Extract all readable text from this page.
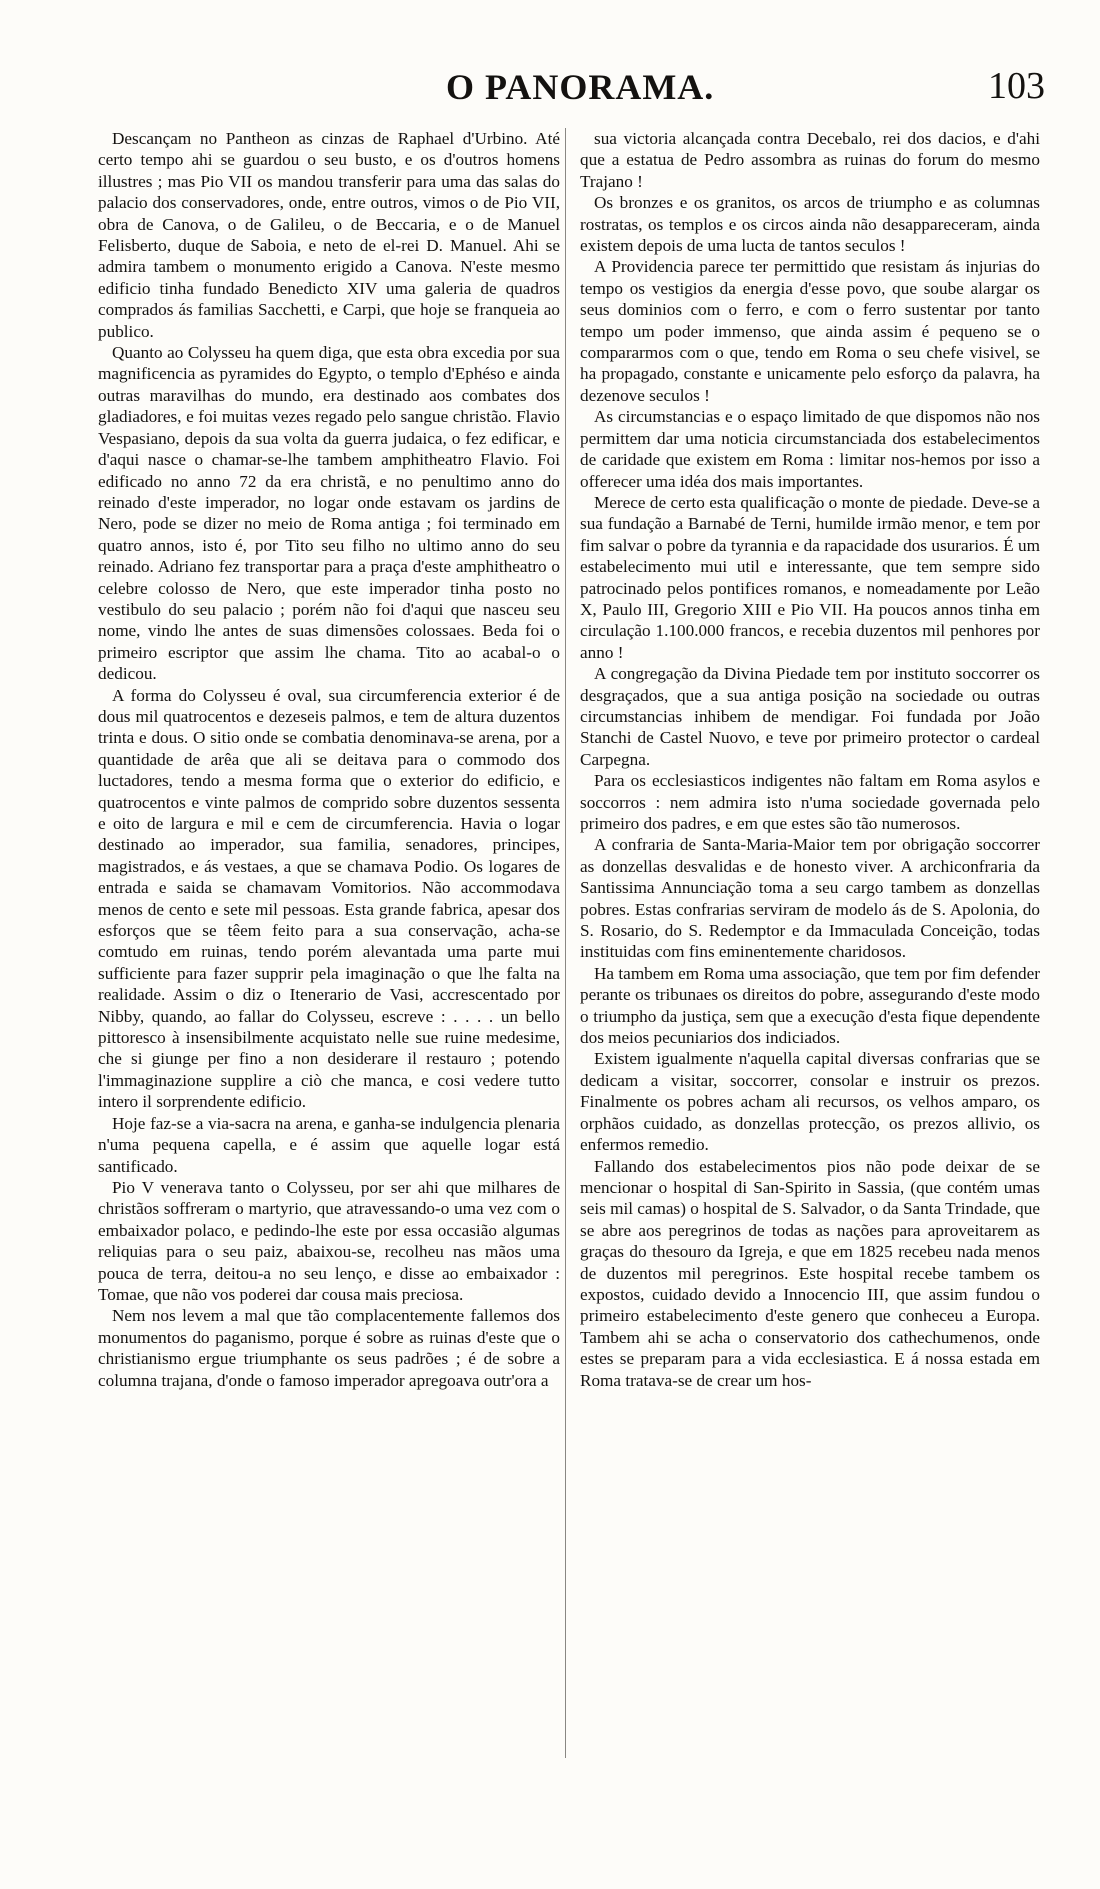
O PANORAMA.	103

Descançam no Pantheon as cinzas de Raphael d'Urbino. Até certo tempo ahi se guardou o seu busto, e os d'outros homens illustres ; mas Pio VII os mandou transferir para uma das salas do palacio dos conservadores, onde, entre outros, vimos o de Pio VII, obra de Canova, o de Galileu, o de Beccaria, e o de Manuel Felisberto, duque de Saboia, e neto de el-rei D. Manuel. Ahi se admira tambem o monumento erigido a Canova. N'este mesmo edificio tinha fundado Benedicto XIV uma galeria de quadros comprados ás familias Sacchetti, e Carpi, que hoje se franqueia ao publico.

Quanto ao Colysseu ha quem diga, que esta obra excedia por sua magnificencia as pyramides do Egypto, o templo d'Ephéso e ainda outras maravilhas do mundo, era destinado aos combates dos gladiadores, e foi muitas vezes regado pelo sangue christão. Flavio Vespasiano, depois da sua volta da guerra judaica, o fez edificar, e d'aqui nasce o chamar-se-lhe tambem amphitheatro Flavio. Foi edificado no anno 72 da era christã, e no penultimo anno do reinado d'este imperador, no logar onde estavam os jardins de Nero, pode se dizer no meio de Roma antiga ; foi terminado em quatro annos, isto é, por Tito seu filho no ultimo anno do seu reinado. Adriano fez transportar para a praça d'este amphitheatro o celebre colosso de Nero, que este imperador tinha posto no vestibulo do seu palacio ; porém não foi d'aqui que nasceu seu nome, vindo lhe antes de suas dimensões colossaes. Beda foi o primeiro escriptor que assim lhe chama. Tito ao acabal-o o dedicou.

A forma do Colysseu é oval, sua circumferencia exterior é de dous mil quatrocentos e dezeseis palmos, e tem de altura duzentos trinta e dous. O sitio onde se combatia denominava-se arena, por a quantidade de arêa que ali se deitava para o commodo dos luctadores, tendo a mesma forma que o exterior do edificio, e quatrocentos e vinte palmos de comprido sobre duzentos sessenta e oito de largura e mil e cem de circumferencia. Havia o logar destinado ao imperador, sua familia, senadores, principes, magistrados, e ás vestaes, a que se chamava Podio. Os logares de entrada e saida se chamavam Vomitorios. Não accommodava menos de cento e sete mil pessoas. Esta grande fabrica, apesar dos esforços que se têem feito para a sua conservação, acha-se comtudo em ruinas, tendo porém alevantada uma parte mui sufficiente para fazer supprir pela imaginação o que lhe falta na realidade. Assim o diz o Itenerario de Vasi, accrescentado por Nibby, quando, ao fallar do Colysseu, escreve : . . . . un bello pittoresco à insensibilmente acquistato nelle sue ruine medesime, che si giunge per fino a non desiderare il restauro ; potendo l'immaginazione supplire a ciò che manca, e cosi vedere tutto intero il sorprendente edificio.

Hoje faz-se a via-sacra na arena, e ganha-se indulgencia plenaria n'uma pequena capella, e é assim que aquelle logar está santificado.

Pio V venerava tanto o Colysseu, por ser ahi que milhares de christãos soffreram o martyrio, que atravessando-o uma vez com o embaixador polaco, e pedindo-lhe este por essa occasião algumas reliquias para o seu paiz, abaixou-se, recolheu nas mãos uma pouca de terra, deitou-a no seu lenço, e disse ao embaixador : Tomae, que não vos poderei dar cousa mais preciosa.

Nem nos levem a mal que tão complacentemente fallemos dos monumentos do paganismo, porque é sobre as ruinas d'este que o christianismo ergue triumphante os seus padrões ; é de sobre a columna trajana, d'onde o famoso imperador apregoava outr'ora a

sua victoria alcançada contra Decebalo, rei dos dacios, e d'ahi que a estatua de Pedro assombra as ruinas do forum do mesmo Trajano !

Os bronzes e os granitos, os arcos de triumpho e as columnas rostratas, os templos e os circos ainda não desappareceram, ainda existem depois de uma lucta de tantos seculos !

A Providencia parece ter permittido que resistam ás injurias do tempo os vestigios da energia d'esse povo, que soube alargar os seus dominios com o ferro, e com o ferro sustentar por tanto tempo um poder immenso, que ainda assim é pequeno se o compararmos com o que, tendo em Roma o seu chefe visivel, se ha propagado, constante e unicamente pelo esforço da palavra, ha dezenove seculos !

As circumstancias e o espaço limitado de que dispomos não nos permittem dar uma noticia circumstanciada dos estabelecimentos de caridade que existem em Roma : limitar nos-hemos por isso a offerecer uma idéa dos mais importantes.

Merece de certo esta qualificação o monte de piedade. Deve-se a sua fundação a Barnabé de Terni, humilde irmão menor, e tem por fim salvar o pobre da tyrannia e da rapacidade dos usurarios. É um estabelecimento mui util e interessante, que tem sempre sido patrocinado pelos pontifices romanos, e nomeadamente por Leão X, Paulo III, Gregorio XIII e Pio VII. Ha poucos annos tinha em circulação 1.100.000 francos, e recebia duzentos mil penhores por anno !

A congregação da Divina Piedade tem por instituto soccorrer os desgraçados, que a sua antiga posição na sociedade ou outras circumstancias inhibem de mendigar. Foi fundada por João Stanchi de Castel Nuovo, e teve por primeiro protector o cardeal Carpegna.

Para os ecclesiasticos indigentes não faltam em Roma asylos e soccorros : nem admira isto n'uma sociedade governada pelo primeiro dos padres, e em que estes são tão numerosos.

A confraria de Santa-Maria-Maior tem por obrigação soccorrer as donzellas desvalidas e de honesto viver. A archiconfraria da Santissima Annunciação toma a seu cargo tambem as donzellas pobres. Estas confrarias serviram de modelo ás de S. Apolonia, do S. Rosario, do S. Redemptor e da Immaculada Conceição, todas instituidas com fins eminentemente charidosos.

Ha tambem em Roma uma associação, que tem por fim defender perante os tribunaes os direitos do pobre, assegurando d'este modo o triumpho da justiça, sem que a execução d'esta fique dependente dos meios pecuniarios dos indiciados.

Existem igualmente n'aquella capital diversas confrarias que se dedicam a visitar, soccorrer, consolar e instruir os prezos. Finalmente os pobres acham ali recursos, os velhos amparo, os orphãos cuidado, as donzellas protecção, os prezos allivio, os enfermos remedio.

Fallando dos estabelecimentos pios não pode deixar de se mencionar o hospital di San-Spirito in Sassia, (que contém umas seis mil camas) o hospital de S. Salvador, o da Santa Trindade, que se abre aos peregrinos de todas as nações para aproveitarem as graças do thesouro da Igreja, e que em 1825 recebeu nada menos de duzentos mil peregrinos. Este hospital recebe tambem os expostos, cuidado devido a Innocencio III, que assim fundou o primeiro estabelecimento d'este genero que conheceu a Europa. Tambem ahi se acha o conservatorio dos cathechumenos, onde estes se preparam para a vida ecclesiastica. E á nossa estada em Roma tratava-se de crear um hos-
